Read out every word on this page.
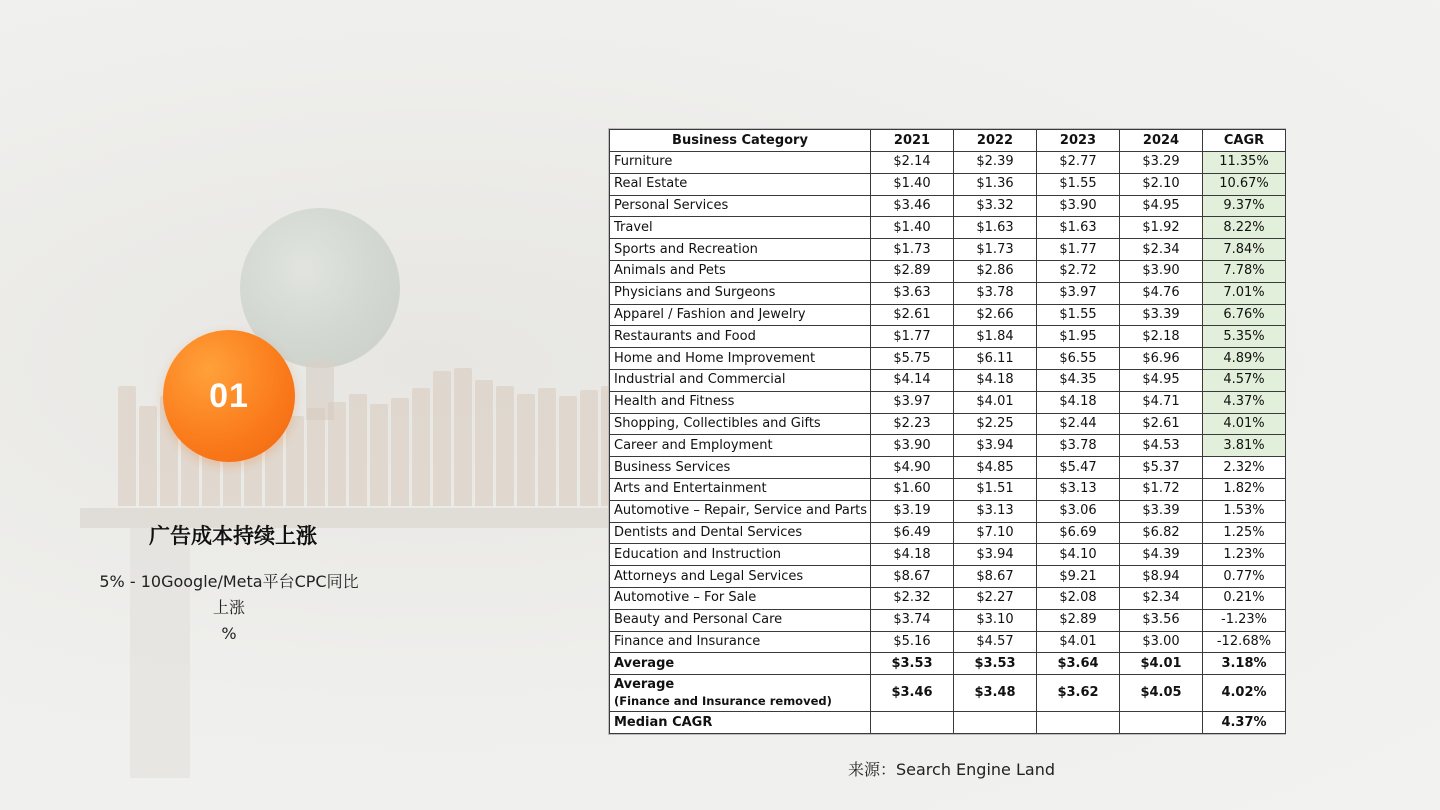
01
广告成本持续上涨
5% - 10Google/Meta平台CPC同比
上涨
%
Business Category	2021	2022	2023	2024	CAGR
Furniture	$2.14	$2.39	$2.77	$3.29	11.35%
Real Estate	$1.40	$1.36	$1.55	$2.10	10.67%
Personal Services	$3.46	$3.32	$3.90	$4.95	9.37%
Travel	$1.40	$1.63	$1.63	$1.92	8.22%
Sports and Recreation	$1.73	$1.73	$1.77	$2.34	7.84%
Animals and Pets	$2.89	$2.86	$2.72	$3.90	7.78%
Physicians and Surgeons	$3.63	$3.78	$3.97	$4.76	7.01%
Apparel / Fashion and Jewelry	$2.61	$2.66	$1.55	$3.39	6.76%
Restaurants and Food	$1.77	$1.84	$1.95	$2.18	5.35%
Home and Home Improvement	$5.75	$6.11	$6.55	$6.96	4.89%
Industrial and Commercial	$4.14	$4.18	$4.35	$4.95	4.57%
Health and Fitness	$3.97	$4.01	$4.18	$4.71	4.37%
Shopping, Collectibles and Gifts	$2.23	$2.25	$2.44	$2.61	4.01%
Career and Employment	$3.90	$3.94	$3.78	$4.53	3.81%
Business Services	$4.90	$4.85	$5.47	$5.37	2.32%
Arts and Entertainment	$1.60	$1.51	$3.13	$1.72	1.82%
Automotive – Repair, Service and Parts	$3.19	$3.13	$3.06	$3.39	1.53%
Dentists and Dental Services	$6.49	$7.10	$6.69	$6.82	1.25%
Education and Instruction	$4.18	$3.94	$4.10	$4.39	1.23%
Attorneys and Legal Services	$8.67	$8.67	$9.21	$8.94	0.77%
Automotive – For Sale	$2.32	$2.27	$2.08	$2.34	0.21%
Beauty and Personal Care	$3.74	$3.10	$2.89	$3.56	-1.23%
Finance and Insurance	$5.16	$4.57	$4.01	$3.00	-12.68%
Average	$3.53	$3.53	$3.64	$4.01	3.18%
Average
(Finance and Insurance removed)	$3.46	$3.48	$3.62	$4.05	4.02%
Median CAGR					4.37%
来源：Search Engine Land
